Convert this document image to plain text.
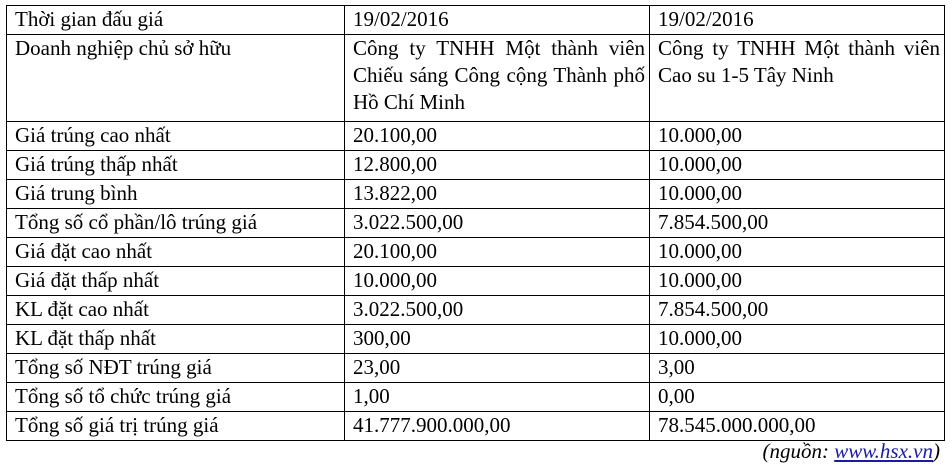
Thời gian đấu giá	19/02/2016	19/02/2016
Doanh nghiệp chủ sở hữu	Công ty TNHH Một thành viên Chiếu sáng Công cộng Thành phố Hồ Chí Minh	Công ty TNHH Một thành viên Cao su 1-5 Tây Ninh
Giá trúng cao nhất	20.100,00	10.000,00
Giá trúng thấp nhất	12.800,00	10.000,00
Giá trung bình	13.822,00	10.000,00
Tổng số cổ phần/lô trúng giá	3.022.500,00	7.854.500,00
Giá đặt cao nhất	20.100,00	10.000,00
Giá đặt thấp nhất	10.000,00	10.000,00
KL đặt cao nhất	3.022.500,00	7.854.500,00
KL đặt thấp nhất	300,00	10.000,00
Tổng số NĐT trúng giá	23,00	3,00
Tổng số tổ chức trúng giá	1,00	0,00
Tổng số giá trị trúng giá	41.777.900.000,00	78.545.000.000,00
(nguồn: www.hsx.vn)
